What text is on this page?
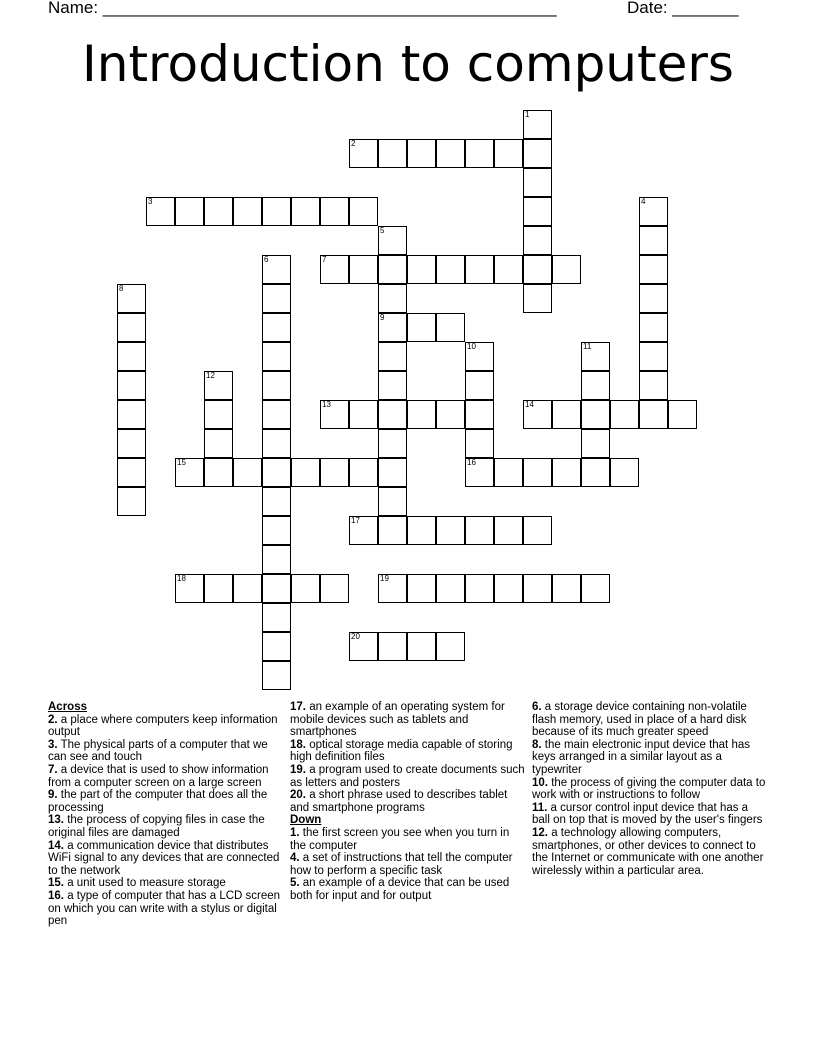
Name: ________________________________________________	Date: _______
Introduction to computers
1
2
3	4
5
9
6	7
8
10
16
11
12
13	14
15
17
18	19
20
Across
2. a place where computers keep information output
3. The physical parts of a computer that we can see and touch
7. a device that is used to show information from a computer screen on a large screen
9. the part of the computer that does all the processing
13. the process of copying files in case the original files are damaged
14. a communication device that distributes WiFi signal to any devices that are connected to the network
15. a unit used to measure storage
16. a type of computer that has a LCD screen on which you can write with a stylus or digital pen
17. an example of an operating system for mobile devices such as tablets and smartphones
18. optical storage media capable of storing high definition files
19. a program used to create documents such as letters and posters
20. a short phrase used to describes tablet and smartphone programs
Down
1. the first screen you see when you turn in the computer
4. a set of instructions that tell the computer how to perform a specific task
5. an example of a device that can be used both for input and for output
6. a storage device containing non-volatile flash memory, used in place of a hard disk because of its much greater speed
8. the main electronic input device that has keys arranged in a similar layout as a typewriter
10. the process of giving the computer data to work with or instructions to follow
11. a cursor control input device that has a ball on top that is moved by the user's fingers
12. a technology allowing computers, smartphones, or other devices to connect to the Internet or communicate with one another wirelessly within a particular area.
